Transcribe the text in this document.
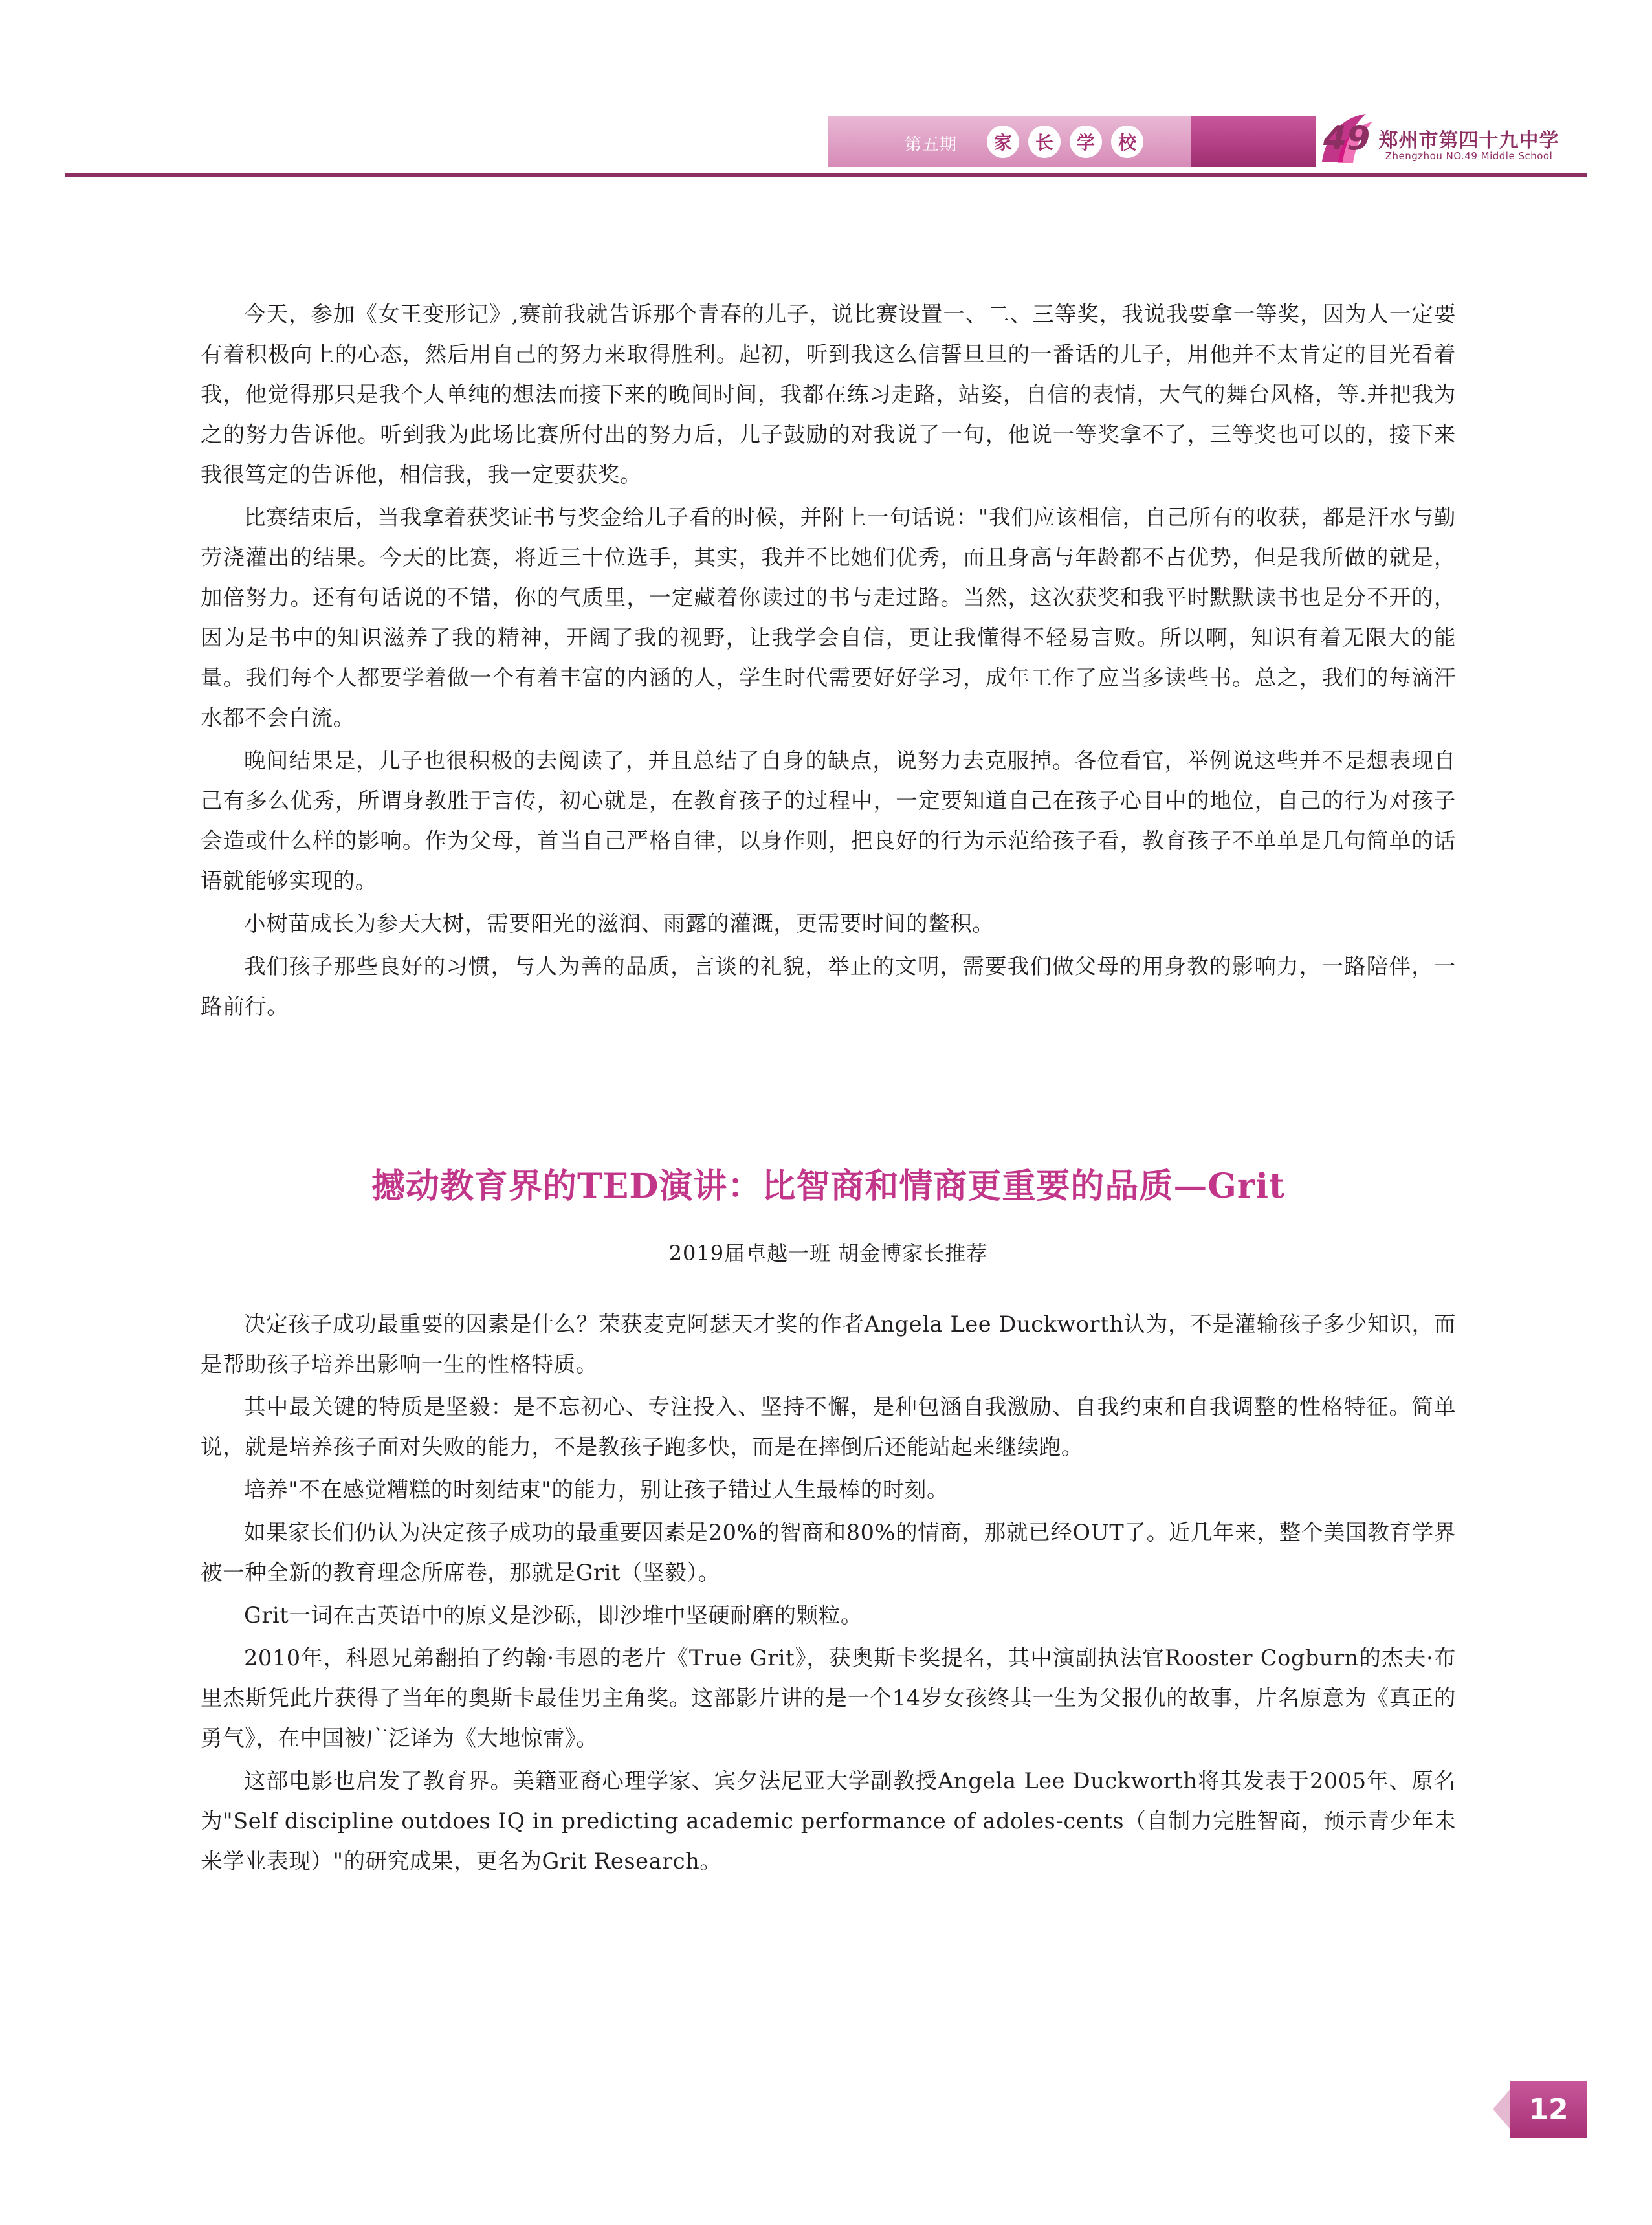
第五期	家	长	学	校	49 郑州市第四十九中学
Zhengzhou NO.49 Middle School

今天，参加《女王变形记》,赛前我就告诉那个青春的儿子，说比赛设置一、二、三等奖，我说我要拿一等奖，因为人一定要有着积极向上的心态，然后用自己的努力来取得胜利。起初，听到我这么信誓旦旦的一番话的儿子，用他并不太肯定的目光看着我，他觉得那只是我个人单纯的想法而接下来的晚间时间，我都在练习走路，站姿，自信的表情，大气的舞台风格，等.并把我为之的努力告诉他。听到我为此场比赛所付出的努力后，儿子鼓励的对我说了一句，他说一等奖拿不了，三等奖也可以的，接下来我很笃定的告诉他，相信我，我一定要获奖。

比赛结束后，当我拿着获奖证书与奖金给儿子看的时候，并附上一句话说："我们应该相信，自己所有的收获，都是汗水与勤劳浇灌出的结果。今天的比赛，将近三十位选手，其实，我并不比她们优秀，而且身高与年龄都不占优势，但是我所做的就是，加倍努力。还有句话说的不错，你的气质里，一定藏着你读过的书与走过路。当然，这次获奖和我平时默默读书也是分不开的，因为是书中的知识滋养了我的精神，开阔了我的视野，让我学会自信，更让我懂得不轻易言败。所以啊，知识有着无限大的能量。我们每个人都要学着做一个有着丰富的内涵的人，学生时代需要好好学习，成年工作了应当多读些书。总之，我们的每滴汗水都不会白流。

晚间结果是，儿子也很积极的去阅读了，并且总结了自身的缺点，说努力去克服掉。各位看官，举例说这些并不是想表现自己有多么优秀，所谓身教胜于言传，初心就是，在教育孩子的过程中，一定要知道自己在孩子心目中的地位，自己的行为对孩子会造或什么样的影响。作为父母，首当自己严格自律，以身作则，把良好的行为示范给孩子看，教育孩子不单单是几句简单的话语就能够实现的。

小树苗成长为参天大树，需要阳光的滋润、雨露的灌溉，更需要时间的鳖积。

我们孩子那些良好的习惯，与人为善的品质，言谈的礼貌，举止的文明，需要我们做父母的用身教的影响力，一路陪伴，一路前行。

撼动教育界的TED演讲：比智商和情商更重要的品质—Grit

2019届卓越一班 胡金博家长推荐

决定孩子成功最重要的因素是什么？荣获麦克阿瑟天才奖的作者Angela Lee Duckworth认为，不是灌输孩子多少知识，而是帮助孩子培养出影响一生的性格特质。

其中最关键的特质是坚毅：是不忘初心、专注投入、坚持不懈，是种包涵自我激励、自我约束和自我调整的性格特征。简单说，就是培养孩子面对失败的能力，不是教孩子跑多快，而是在摔倒后还能站起来继续跑。

培养"不在感觉糟糕的时刻结束"的能力，别让孩子错过人生最棒的时刻。

如果家长们仍认为决定孩子成功的最重要因素是20%的智商和80%的情商，那就已经OUT了。近几年来，整个美国教育学界被一种全新的教育理念所席卷，那就是Grit（坚毅）。

Grit一词在古英语中的原义是沙砾，即沙堆中坚硬耐磨的颗粒。

2010年，科恩兄弟翻拍了约翰·韦恩的老片《True Grit》，获奥斯卡奖提名，其中演副执法官Rooster Cogburn的杰夫·布里杰斯凭此片获得了当年的奥斯卡最佳男主角奖。这部影片讲的是一个14岁女孩终其一生为父报仇的故事，片名原意为《真正的勇气》，在中国被广泛译为《大地惊雷》。

这部电影也启发了教育界。美籍亚裔心理学家、宾夕法尼亚大学副教授Angela Lee Duckworth将其发表于2005年、原名为"Self discipline outdoes IQ in predicting academic performance of adoles-cents（自制力完胜智商，预示青少年未来学业表现）"的研究成果，更名为Grit Research。

12
